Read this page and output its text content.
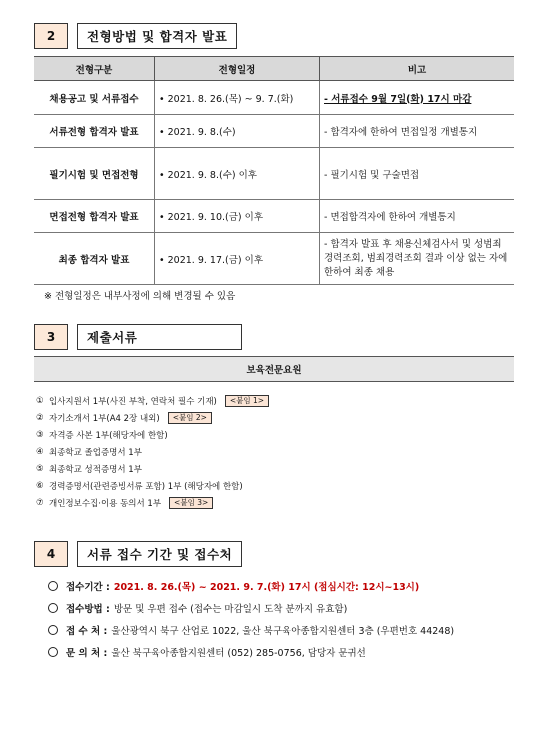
2	전형방법 및 합격자 발표
전형구분	전형일정	비고
채용공고 및 서류접수	• 2021. 8. 26.(목) ~ 9. 7.(화)	- 서류접수 9월 7일(화) 17시 마감
서류전형 합격자 발표	• 2021. 9. 8.(수)	- 합격자에 한하여 면접일정 개별통지
필기시험 및 면접전형	• 2021. 9. 8.(수) 이후	- 필기시험 및 구술면접
면접전형 합격자 발표	• 2021. 9. 10.(금) 이후	- 면접합격자에 한하여 개별통지
최종 합격자 발표	• 2021. 9. 17.(금) 이후	- 합격자 발표 후 채용신체검사서 및 성범죄 경력조회, 범죄경력조회 결과 이상 없는 자에 한하여 최종 채용
※ 전형일정은 내부사정에 의해 변경될 수 있음
3	제출서류
보육전문요원
① 입사지원서 1부(사진 부착, 연락처 필수 기재)	<붙임 1>
② 자기소개서 1부(A4 2장 내외)	<붙임 2>
③ 자격증 사본 1부(해당자에 한함)
④ 최종학교 졸업증명서 1부
⑤ 최종학교 성적증명서 1부
⑥ 경력증명서(관련증빙서류 포함) 1부 (해당자에 한함)
⑦ 개인정보수집·이용 동의서 1부	<붙임 3>
4	서류 접수 기간 및 접수처
접수기간 : 2021. 8. 26.(목) ~ 2021. 9. 7.(화) 17시 (점심시간: 12시~13시)
접수방법 : 방문 및 우편 접수 (접수는 마감일시 도착 분까지 유효함)
접 수 처 : 울산광역시 북구 산업로 1022, 울산 북구육아종합지원센터 3층 (우편번호 44248)
문 의 처 : 울산 북구육아종합지원센터 (052) 285-0756, 담당자 문귀선
